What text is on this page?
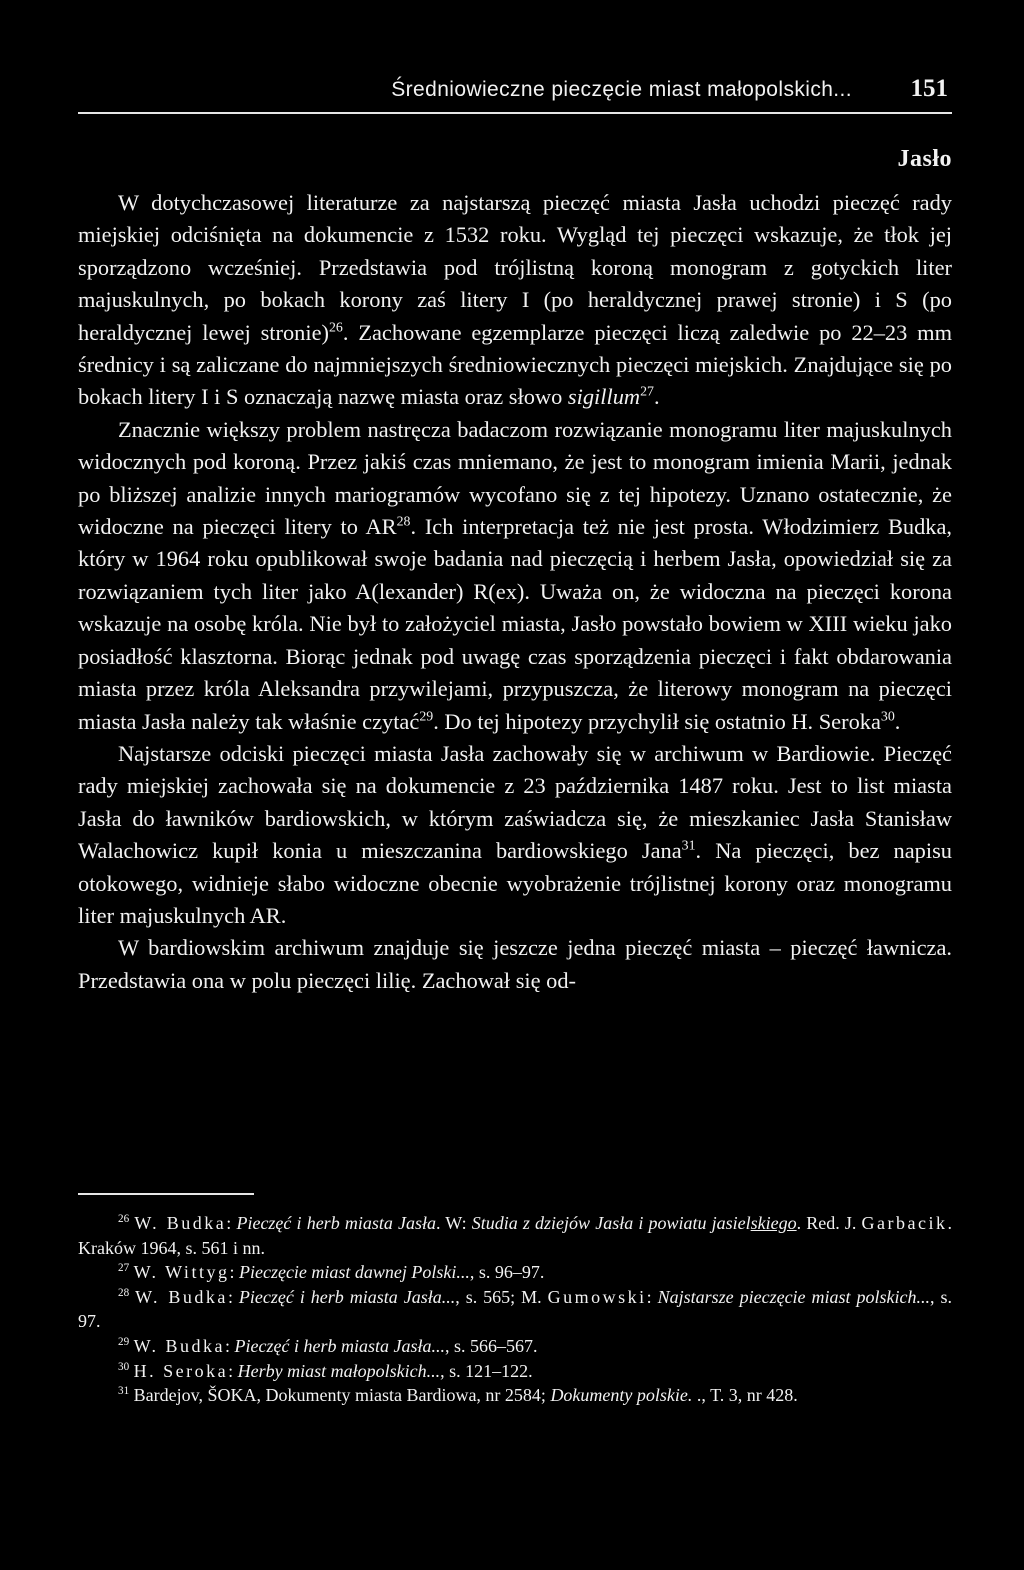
Średniowieczne pieczęcie miast małopolskich... 151
Jasło

W dotychczasowej literaturze za najstarszą pieczęć miasta Jasła uchodzi pieczęć rady miejskiej odciśnięta na dokumencie z 1532 roku. Wygląd tej pieczęci wskazuje, że tłok jej sporządzono wcześniej. Przedstawia pod trójlistną koroną monogram z gotyckich liter majuskulnych, po bokach korony zaś litery I (po heraldycznej prawej stronie) i S (po heraldycznej lewej stronie)$^{26}$. Zachowane egzemplarze pieczęci liczą zaledwie po 22–23 mm średnicy i są zaliczane do najmniejszych średniowiecznych pieczęci miejskich. Znajdujące się po bokach litery I i S oznaczają nazwę miasta oraz słowo sigillum$^{27}$.

Znacznie większy problem nastręcza badaczom rozwiązanie monogramu liter majuskulnych widocznych pod koroną. Przez jakiś czas mniemano, że jest to monogram imienia Marii, jednak po bliższej analizie innych mariogramów wycofano się z tej hipotezy. Uznano ostatecznie, że widoczne na pieczęci litery to AR$^{28}$. Ich interpretacja też nie jest prosta. Włodzimierz Budka, który w 1964 roku opublikował swoje badania nad pieczęcią i herbem Jasła, opowiedział się za rozwiązaniem tych liter jako A(lexander) R(ex). Uważa on, że widoczna na pieczęci korona wskazuje na osobę króla. Nie był to założyciel miasta, Jasło powstało bowiem w XIII wieku jako posiadłość klasztorna. Biorąc jednak pod uwagę czas sporządzenia pieczęci i fakt obdarowania miasta przez króla Aleksandra przywilejami, przypuszcza, że literowy monogram na pieczęci miasta Jasła należy tak właśnie czytać$^{29}$. Do tej hipotezy przychylił się ostatnio H. Seroka$^{30}$.

Najstarsze odciski pieczęci miasta Jasła zachowały się w archiwum w Bardiowie. Pieczęć rady miejskiej zachowała się na dokumencie z 23 października 1487 roku. Jest to list miasta Jasła do ławników bardiowskich, w którym zaświadcza się, że mieszkaniec Jasła Stanisław Walachowicz kupił konia u mieszczanina bardiowskiego Jana$^{31}$. Na pieczęci, bez napisu otokowego, widnieje słabo widoczne obecnie wyobrażenie trójlistnej korony oraz monogramu liter majuskulnych AR.

W bardiowskim archiwum znajduje się jeszcze jedna pieczęć miasta – pieczęć ławnicza. Przedstawia ona w polu pieczęci lilię. Zachował się od-

$^{26}$ W. Budka: Pieczęć i herb miasta Jasła. W: Studia z dziejów Jasła i powiatu jasielskiego. Red. J. Garbacik. Kraków 1964, s. 561 i nn.

$^{27}$ W. Wittyg: Pieczęcie miast dawnej Polski..., s. 96–97.

$^{28}$ W. Budka: Pieczęć i herb miasta Jasła..., s. 565; M. Gumowski: Najstarsze pieczęcie miast polskich..., s. 97.

$^{29}$ W. Budka: Pieczęć i herb miasta Jasła..., s. 566–567.

$^{30}$ H. Seroka: Herby miast małopolskich..., s. 121–122.

$^{31}$ Bardejov, ŠOKA, Dokumenty miasta Bardiowa, nr 2584; Dokumenty polskie. ., T. 3, nr 428.
